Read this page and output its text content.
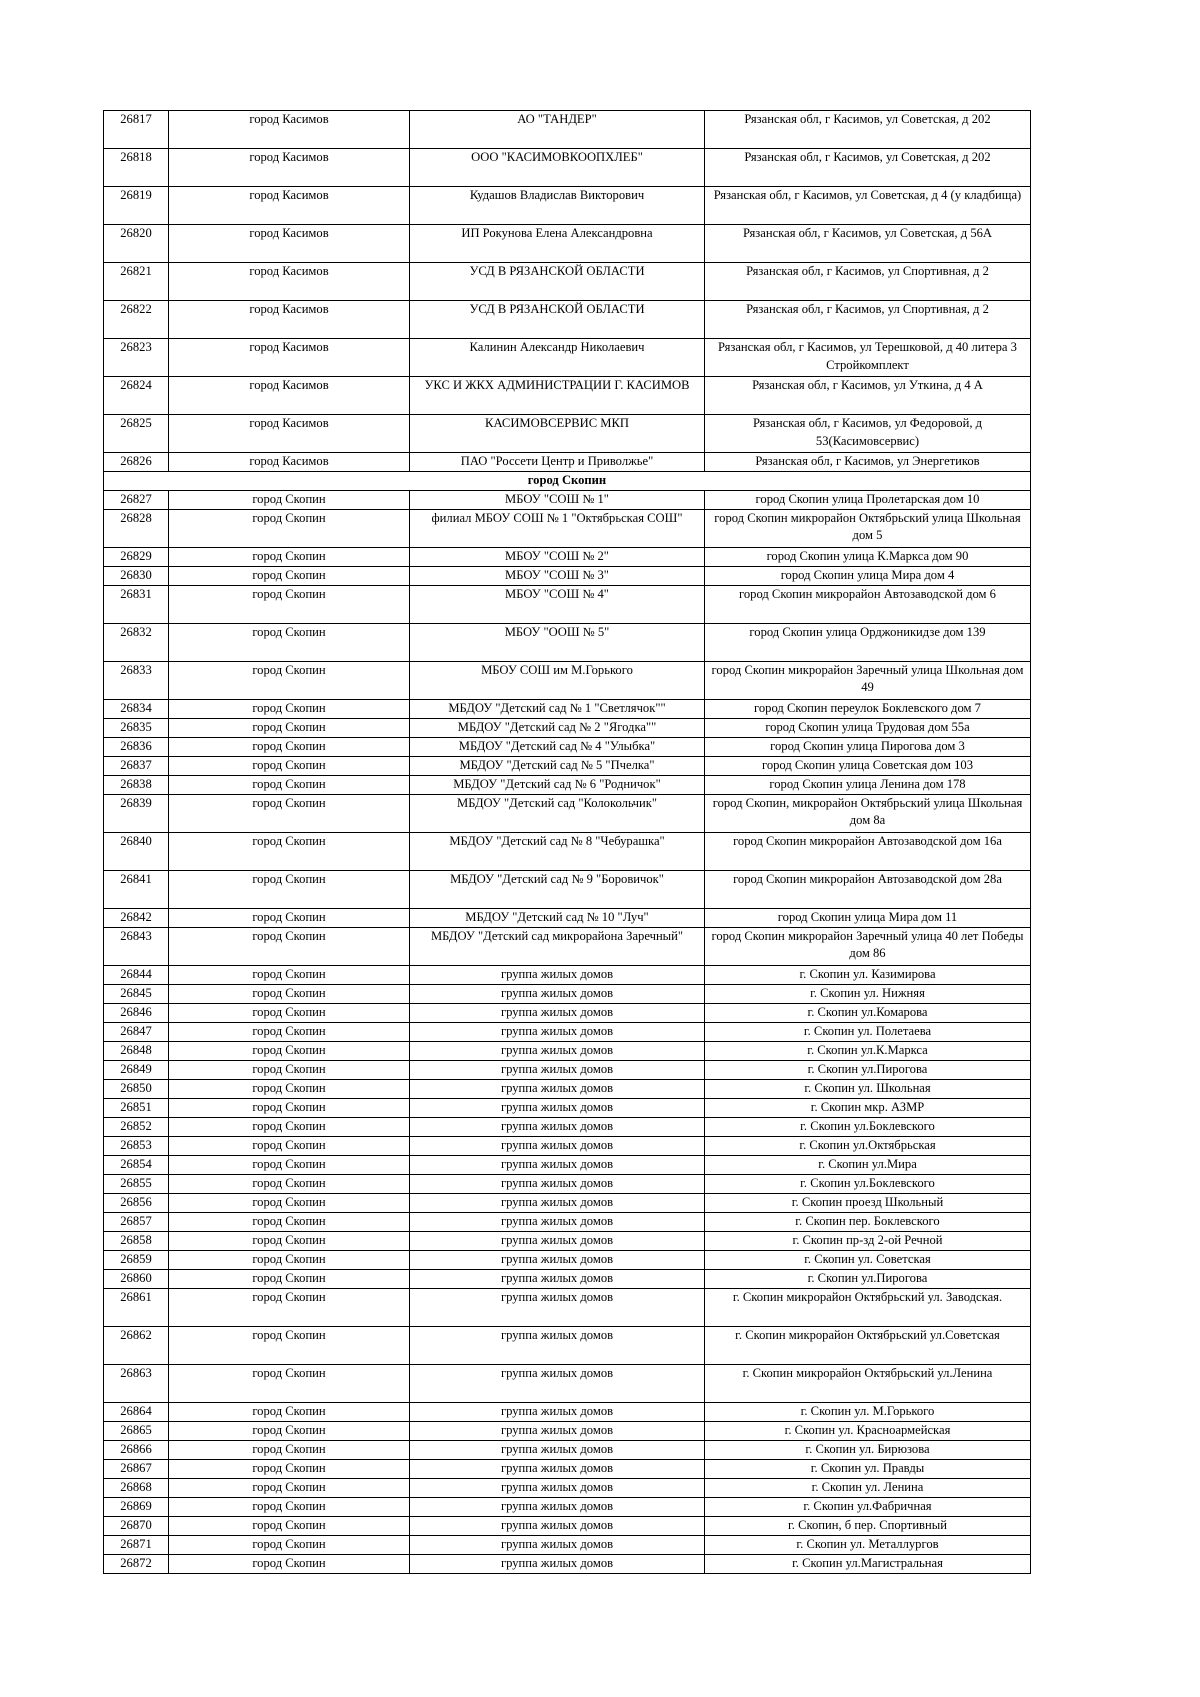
26817	город Касимов	АО "ТАНДЕР"	Рязанская обл, г Касимов, ул Советская, д 202
26818	город Касимов	ООО "КАСИМОВКООПХЛЕБ"	Рязанская обл, г Касимов, ул Советская, д 202
26819	город Касимов	Кудашов Владислав Викторович	Рязанская обл, г Касимов, ул Советская, д 4 (у кладбища)
26820	город Касимов	ИП Рокунова Елена Александровна	Рязанская обл, г Касимов, ул Советская, д 56А
26821	город Касимов	УСД В РЯЗАНСКОЙ ОБЛАСТИ	Рязанская обл, г Касимов, ул Спортивная, д 2
26822	город Касимов	УСД В РЯЗАНСКОЙ ОБЛАСТИ	Рязанская обл, г Касимов, ул Спортивная, д 2
26823	город Касимов	Калинин Александр Николаевич	Рязанская обл, г Касимов, ул Терешковой, д 40 литера 3 Стройкомплект
26824	город Касимов	УКС И ЖКХ АДМИНИСТРАЦИИ Г. КАСИМОВ	Рязанская обл, г Касимов, ул Уткина, д 4 А
26825	город Касимов	КАСИМОВСЕРВИС МКП	Рязанская обл, г Касимов, ул Федоровой, д 53(Касимовсервис)
26826	город Касимов	ПАО "Россети Центр и Приволжье"	Рязанская обл, г Касимов, ул Энергетиков
город Скопин			
26827	город Скопин	МБОУ "СОШ № 1"	город Скопин улица Пролетарская дом 10
26828	город Скопин	филиал МБОУ СОШ № 1 "Октябрьская СОШ"	город Скопин микрорайон Октябрьский улица Школьная дом 5
26829	город Скопин	МБОУ "СОШ № 2"	город Скопин улица К.Маркса дом 90
26830	город Скопин	МБОУ "СОШ № 3"	город Скопин улица Мира дом 4
26831	город Скопин	МБОУ "СОШ № 4"	город Скопин микрорайон Автозаводской дом 6
26832	город Скопин	МБОУ "ООШ № 5"	город Скопин улица Орджоникидзе дом 139
26833	город Скопин	МБОУ СОШ им М.Горького	город Скопин микрорайон Заречный улица Школьная дом 49
26834	город Скопин	МБДОУ "Детский сад № 1 "Светлячок""	город Скопин переулок Боклевского дом 7
26835	город Скопин	МБДОУ "Детский сад № 2 "Ягодка""	город Скопин улица Трудовая дом 55а
26836	город Скопин	МБДОУ "Детский сад № 4 "Улыбка"	город Скопин улица Пирогова дом 3
26837	город Скопин	МБДОУ "Детский сад № 5 "Пчелка"	город Скопин улица Советская дом 103
26838	город Скопин	МБДОУ "Детский сад № 6 "Родничок"	город Скопин улица Ленина дом 178
26839	город Скопин	МБДОУ "Детский сад "Колокольчик"	город Скопин, микрорайон Октябрьский улица Школьная дом 8а
26840	город Скопин	МБДОУ "Детский сад № 8 "Чебурашка"	город Скопин микрорайон Автозаводской дом 16а
26841	город Скопин	МБДОУ "Детский сад № 9 "Боровичок"	город Скопин микрорайон Автозаводской дом 28а
26842	город Скопин	МБДОУ "Детский сад № 10 "Луч"	город Скопин улица Мира дом 11
26843	город Скопин	МБДОУ "Детский сад микрорайона Заречный"	город Скопин микрорайон Заречный улица 40 лет Победы дом 86
26844	город Скопин	группа жилых домов	г. Скопин ул. Казимирова
26845	город Скопин	группа жилых домов	г. Скопин ул. Нижняя
26846	город Скопин	группа жилых домов	г. Скопин ул.Комарова
26847	город Скопин	группа жилых домов	г. Скопин ул. Полетаева
26848	город Скопин	группа жилых домов	г. Скопин ул.К.Маркса
26849	город Скопин	группа жилых домов	г. Скопин ул.Пирогова
26850	город Скопин	группа жилых домов	г. Скопин ул. Школьная
26851	город Скопин	группа жилых домов	г. Скопин мкр. АЗМР
26852	город Скопин	группа жилых домов	г. Скопин ул.Боклевского
26853	город Скопин	группа жилых домов	г. Скопин ул.Октябрьская
26854	город Скопин	группа жилых домов	г. Скопин ул.Мира
26855	город Скопин	группа жилых домов	г. Скопин ул.Боклевского
26856	город Скопин	группа жилых домов	г. Скопин проезд Школьный
26857	город Скопин	группа жилых домов	г. Скопин пер. Боклевского
26858	город Скопин	группа жилых домов	г. Скопин пр-зд 2-ой Речной
26859	город Скопин	группа жилых домов	г. Скопин ул. Советская
26860	город Скопин	группа жилых домов	г. Скопин ул.Пирогова
26861	город Скопин	группа жилых домов	г. Скопин микрорайон Октябрьский ул. Заводская.
26862	город Скопин	группа жилых домов	г. Скопин микрорайон Октябрьский ул.Советская
26863	город Скопин	группа жилых домов	г. Скопин микрорайон Октябрьский ул.Ленина
26864	город Скопин	группа жилых домов	г. Скопин ул. М.Горького
26865	город Скопин	группа жилых домов	г. Скопин ул. Красноармейская
26866	город Скопин	группа жилых домов	г. Скопин ул. Бирюзова
26867	город Скопин	группа жилых домов	г. Скопин ул. Правды
26868	город Скопин	группа жилых домов	г. Скопин ул. Ленина
26869	город Скопин	группа жилых домов	г. Скопин ул.Фабричная
26870	город Скопин	группа жилых домов	г. Скопин, б пер. Спортивный
26871	город Скопин	группа жилых домов	г. Скопин ул. Металлургов
26872	город Скопин	группа жилых домов	г. Скопин ул.Магистральная
